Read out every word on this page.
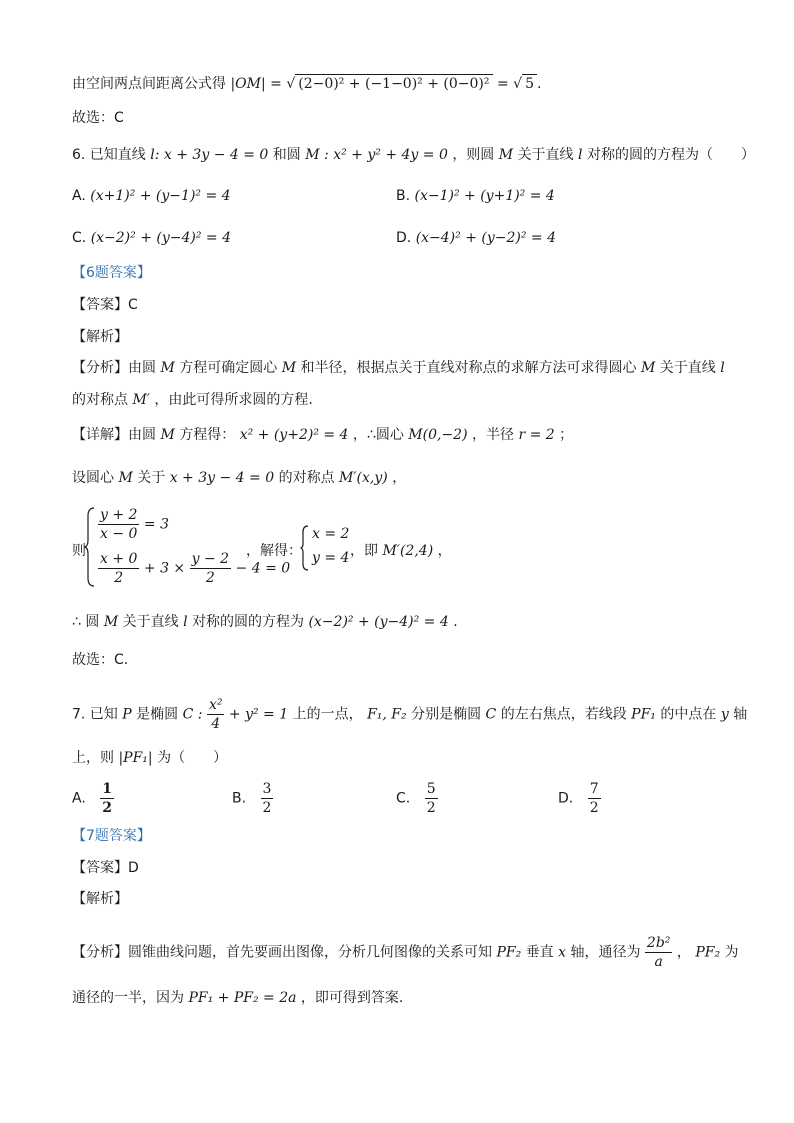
由空间两点间距离公式得 |OM| = √ (2−0)² + (−1−0)² + (0−0)² = √ 5 .
故选：C
6. 已知直线 l: x + 3y − 4 = 0 和圆 M : x² + y² + 4y = 0 ，则圆 M 关于直线 l 对称的圆的方程为（　　）
A. (x+1)² + (y−1)² = 4	B. (x−1)² + (y+1)² = 4
C. (x−2)² + (y−4)² = 4	D. (x−4)² + (y−2)² = 4
【6题答案】
【答案】C
【解析】
【分析】由圆 M 方程可确定圆心 M 和半径，根据点关于直线对称点的求解方法可求得圆心 M 关于直线 l
的对称点 M′ ，由此可得所求圆的方程.
【详解】由圆 M 方程得： x² + (y+2)² = 4 ，∴圆心 M(0,−2) ，半径 r = 2 ；
设圆心 M 关于 x + 3y − 4 = 0 的对称点 M′(x,y) ，
则
$\frac{y + 2}{x - 0} = 3$
$\frac{x + 0}{2} + 3 \times \frac{y - 2}{2} - 4 = 0$
，解得：
x = 2
y = 4 ，即 M′(2,4) ，
∴ 圆 M 关于直线 l 对称的圆的方程为 (x−2)² + (y−4)² = 4 .
故选：C.
7. 已知 P 是椭圆 C : $\frac{\text{x²}}{4} + y^2 = 1$ 上的一点， F₁, F₂ 分别是椭圆 C 的左右焦点，若线段 PF₁ 的中点在 y 轴
上，则 |PF₁| 为（　　）
A. $\frac{1}{2}$	B. $\frac{3}{2}$	C. $\frac{5}{2}$	D. $\frac{7}{2}$
【7题答案】
【答案】D
【解析】
【分析】圆锥曲线问题，首先要画出图像，分析几何图像的关系可知 PF₂ 垂直 x 轴，通径为 $\frac{\text{2b²}}{a}$ ， PF₂ 为
通径的一半，因为 PF₁ + PF₂ = 2a ，即可得到答案.
